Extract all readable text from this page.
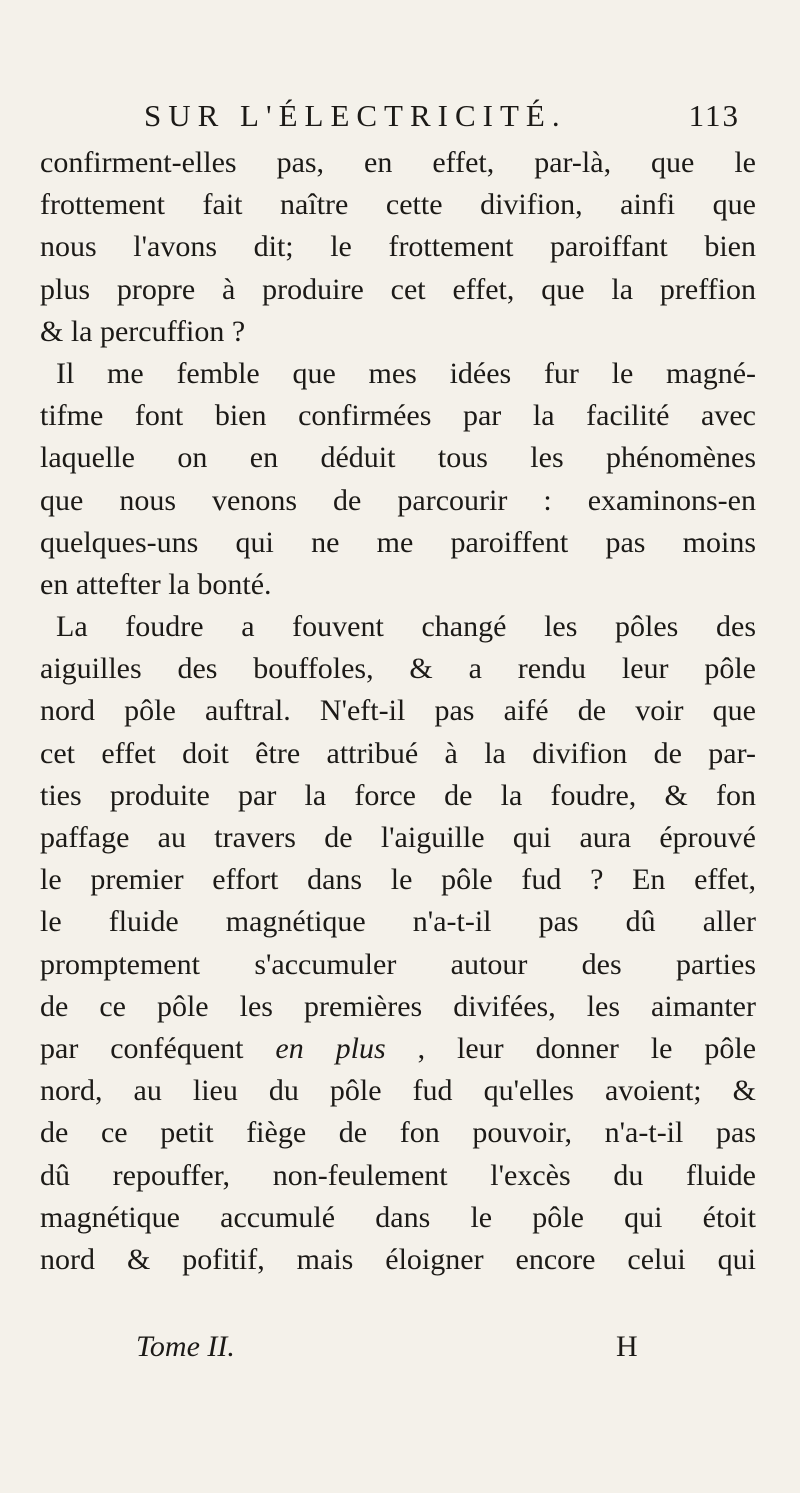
SUR L'ÉLECTRICITÉ.	113
confirment-elles pas, en effet, par-là, que le
frottement fait naître cette divifion, ainfi que
nous l'avons dit; le frottement paroiffant bien
plus propre à produire cet effet, que la preffion
& la percuffion ?
Il me femble que mes idées fur le magné-
tifme font bien confirmées par la facilité avec
laquelle on en déduit tous les phénomènes
que nous venons de parcourir : examinons-en
quelques-uns qui ne me paroiffent pas moins
en attefter la bonté.
La foudre a fouvent changé les pôles des
aiguilles des bouffoles, & a rendu leur pôle
nord pôle auftral. N'eft-il pas aifé de voir que
cet effet doit être attribué à la divifion de par-
ties produite par la force de la foudre, & fon
paffage au travers de l'aiguille qui aura éprouvé
le premier effort dans le pôle fud ? En effet,
le fluide magnétique n'a-t-il pas dû aller
promptement s'accumuler autour des parties
de ce pôle les premières divifées, les aimanter
par conféquent en plus , leur donner le pôle
nord, au lieu du pôle fud qu'elles avoient; &
de ce petit fiège de fon pouvoir, n'a-t-il pas
dû repouffer, non-feulement l'excès du fluide
magnétique accumulé dans le pôle qui étoit
nord & pofitif, mais éloigner encore celui qui
Tome II.	H
